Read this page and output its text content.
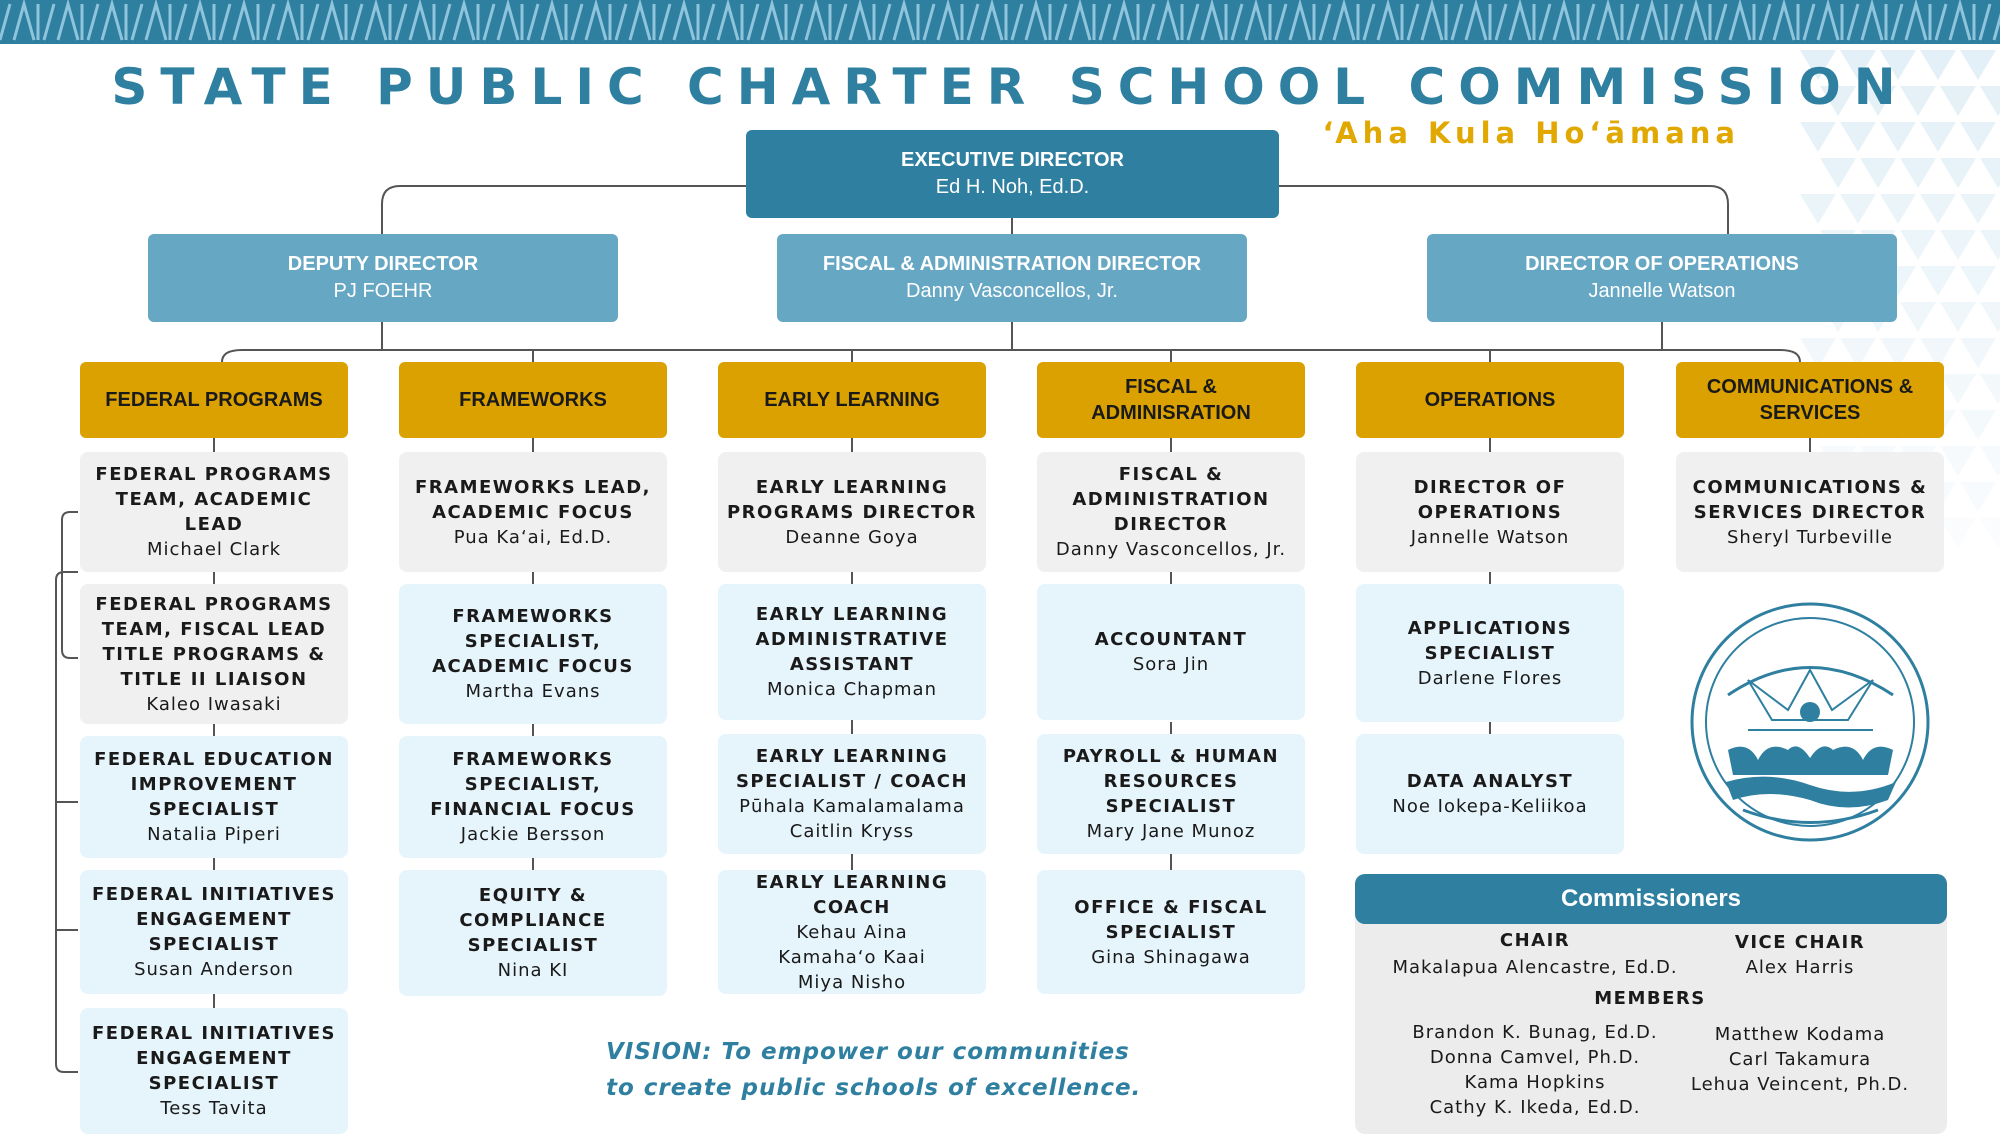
STATE PUBLIC CHARTER SCHOOL COMMISSION
ʻAha Kula Hoʻāmana
EXECUTIVE DIRECTOR
Ed H. Noh, Ed.D.
DEPUTY DIRECTOR
PJ FOEHR
FISCAL & ADMINISTRATION DIRECTOR
Danny Vasconcellos, Jr.
DIRECTOR OF OPERATIONS
Jannelle Watson
FEDERAL PROGRAMS	FRAMEWORKS	EARLY LEARNING
FISCAL & ADMINISRATION
OPERATIONS
COMMUNICATIONS & SERVICES
FEDERAL PROGRAMS TEAM, ACADEMIC LEAD
Michael Clark
FEDERAL PROGRAMS TEAM, FISCAL LEAD TITLE PROGRAMS & TITLE II LIAISON
Kaleo Iwasaki
FEDERAL EDUCATION IMPROVEMENT SPECIALIST
Natalia Piperi
FEDERAL INITIATIVES ENGAGEMENT SPECIALIST
Susan Anderson
FEDERAL INITIATIVES ENGAGEMENT SPECIALIST
Tess Tavita
FRAMEWORKS LEAD, ACADEMIC FOCUS
Pua Ka‘ai, Ed.D.
FRAMEWORKS SPECIALIST, ACADEMIC FOCUS
Martha Evans
FRAMEWORKS SPECIALIST, FINANCIAL FOCUS
Jackie Bersson
EQUITY & COMPLIANCE SPECIALIST
Nina KI
EARLY LEARNING PROGRAMS DIRECTOR
Deanne Goya
EARLY LEARNING ADMINISTRATIVE ASSISTANT
Monica Chapman
EARLY LEARNING SPECIALIST / COACH
Pūhala Kamalamalama
Caitlin Kryss
EARLY LEARNING COACH
Kehau Aina
Kamaha‘o Kaai
Miya Nisho
FISCAL & ADMINISTRATION DIRECTOR
Danny Vasconcellos, Jr.
ACCOUNTANT
Sora Jin
PAYROLL & HUMAN RESOURCES SPECIALIST
Mary Jane Munoz
OFFICE & FISCAL SPECIALIST
Gina Shinagawa
DIRECTOR OF OPERATIONS
Jannelle Watson
APPLICATIONS SPECIALIST
Darlene Flores
DATA ANALYST
Noe Iokepa-Keliikoa
COMMUNICATIONS & SERVICES DIRECTOR
Sheryl Turbeville
VISION: To empower our communities
to create public schools of excellence.
Commissioners
CHAIR
Makalapua Alencastre, Ed.D.
VICE CHAIR
Alex Harris
MEMBERS
Brandon K. Bunag, Ed.D.
Donna Camvel, Ph.D.
Kama Hopkins
Cathy K. Ikeda, Ed.D.
Matthew Kodama
Carl Takamura
Lehua Veincent, Ph.D.
